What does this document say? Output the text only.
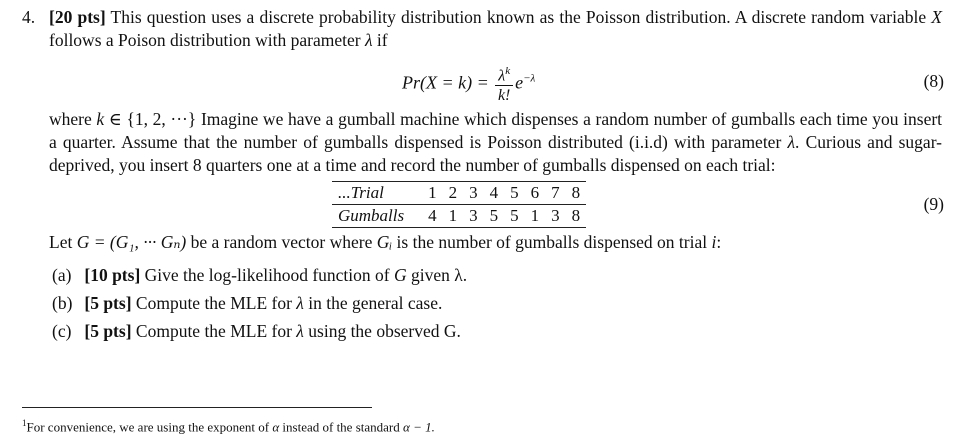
4. [20 pts] This question uses a discrete probability distribution known as the Poisson distribution. A discrete random variable X follows a Poison distribution with parameter λ if

$Pr(X = k) = \frac{\lambda^k}{k!} e^{-\lambda}$	(8)

where k ∈ {1, 2, ···} Imagine we have a gumball machine which dispenses a random number of gumballs each time you insert a quarter. Assume that the number of gumballs dispensed is Poisson distributed (i.i.d) with parameter λ. Curious and sugar-deprived, you insert 8 quarters one at a time and record the number of gumballs dispensed on each trial:

...Trial	1	2	3	4	5	6	7	8
Gumballs	4	1	3	5	5	1	3	8
(9)

Let G = (G₁, ··· Gₙ) be a random vector where Gᵢ is the number of gumballs dispensed on trial i:

(a) [10 pts] Give the log-likelihood function of G given λ.
(b) [5 pts] Compute the MLE for λ in the general case.
(c) [5 pts] Compute the MLE for λ using the observed G.
$^1$For convenience, we are using the exponent of α instead of the standard α − 1.
